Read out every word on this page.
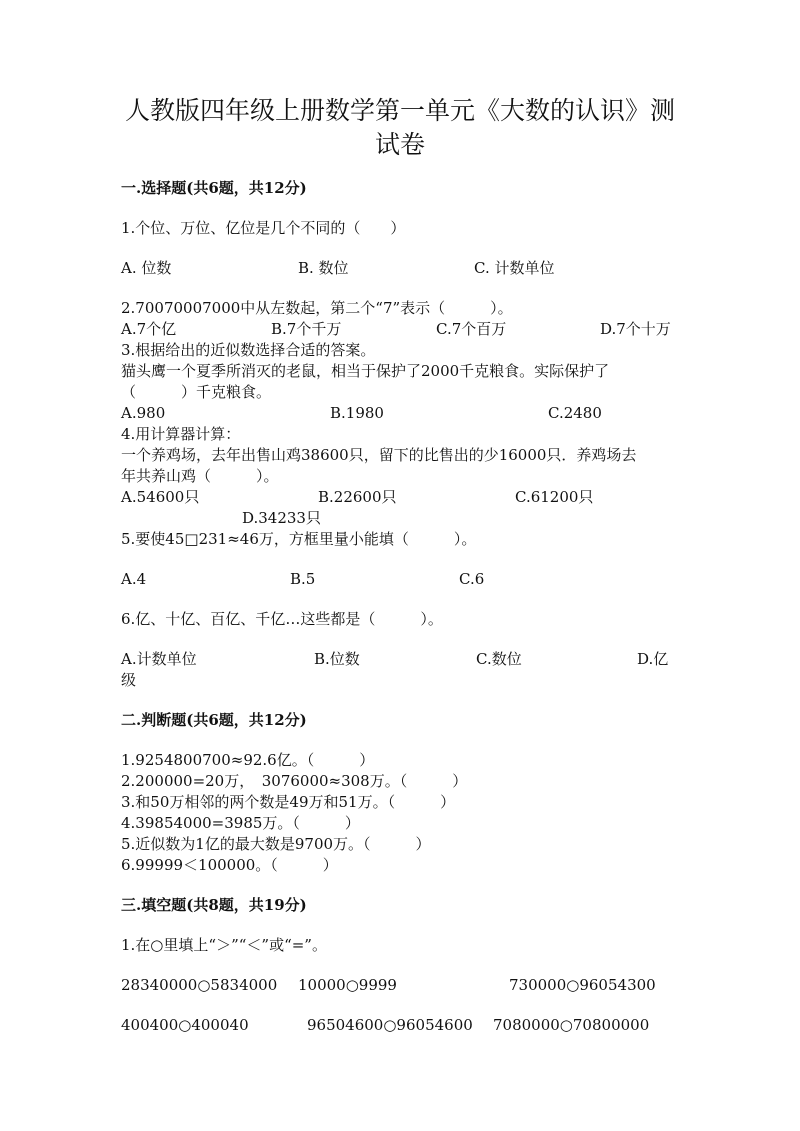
人教版四年级上册数学第一单元《大数的认识》测
试卷
一.选择题(共6题，共12分)
1.个位、万位、亿位是几个不同的（　　）
A. 位数	B. 数位	C. 计数单位
2.70070007000中从左数起，第二个“7”表示（　　　）。
A.7个亿	B.7个千万	C.7个百万	D.7个十万
3.根据给出的近似数选择合适的答案。
猫头鹰一个夏季所消灭的老鼠，相当于保护了2000千克粮食。实际保护了
（　　　）千克粮食。
A.980	B.1980	C.2480
4.用计算器计算：
一个养鸡场，去年出售山鸡38600只，留下的比售出的少16000只．养鸡场去
年共养山鸡（　　　）。
A.54600只	B.22600只	C.61200只
D.34233只
5.要使45□231≈46万，方框里量小能填（　　　）。
A.4	B.5	C.6
6.亿、十亿、百亿、千亿…这些都是（　　　）。
A.计数单位	B.位数	C.数位	D.亿
级
二.判断题(共6题，共12分)
1.9254800700≈92.6亿。（　　　）
2.200000=20万，　3076000≈308万。（　　　）
3.和50万相邻的两个数是49万和51万。（　　　）
4.39854000=3985万。（　　　）
5.近似数为1亿的最大数是9700万。（　　　）
6.99999＜100000。（　　　）
三.填空题(共8题，共19分)
1.在○里填上“＞”“＜”或“=”。
28340000○5834000 10000○9999	730000○96054300
400400○400040	96504600○96054600 7080000○70800000
